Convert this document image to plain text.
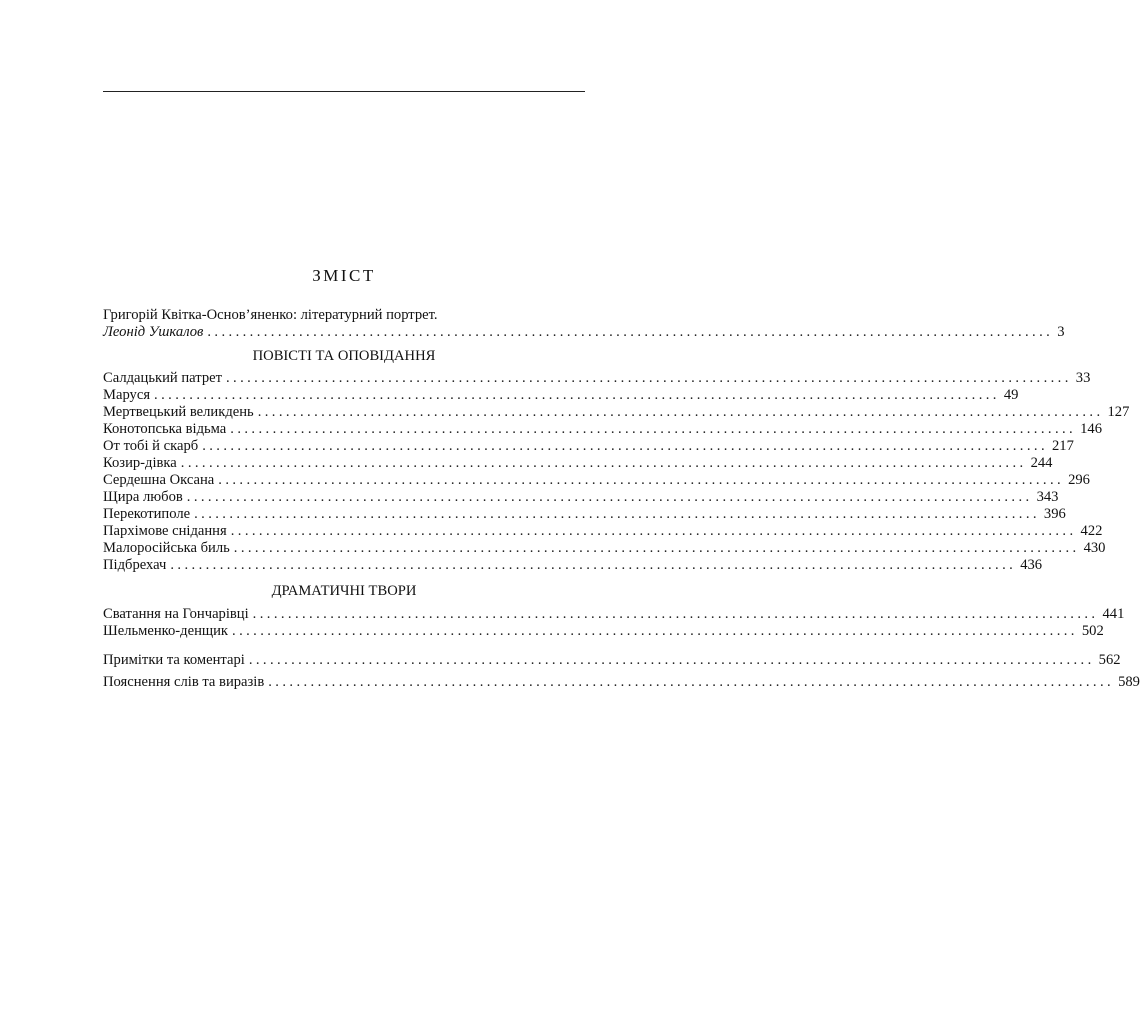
ЗМІСТ
Григорій Квітка-Основ’яненко: літературний портрет.
Леонід Ушкалов ........................................................................................................................ 3
ПОВІСТІ ТА ОПОВІДАННЯ
Салдацький патрет ........................................................................................................................ 33
Маруся ........................................................................................................................ 49
Мертвецький великдень ........................................................................................................................ 127
Конотопська відьма ........................................................................................................................ 146
От тобі й скарб ........................................................................................................................ 217
Козир-дівка ........................................................................................................................ 244
Сердешна Оксана ........................................................................................................................ 296
Щира любов ........................................................................................................................ 343
Перекотиполе ........................................................................................................................ 396
Пархімове снідання ........................................................................................................................ 422
Малоросійська биль ........................................................................................................................ 430
Підбрехач ........................................................................................................................ 436
ДРАМАТИЧНІ ТВОРИ
Сватання на Гончарівці ........................................................................................................................ 441
Шельменко-денщик ........................................................................................................................ 502
Примітки та коментарі ........................................................................................................................ 562
Пояснення слів та виразів ........................................................................................................................ 589
